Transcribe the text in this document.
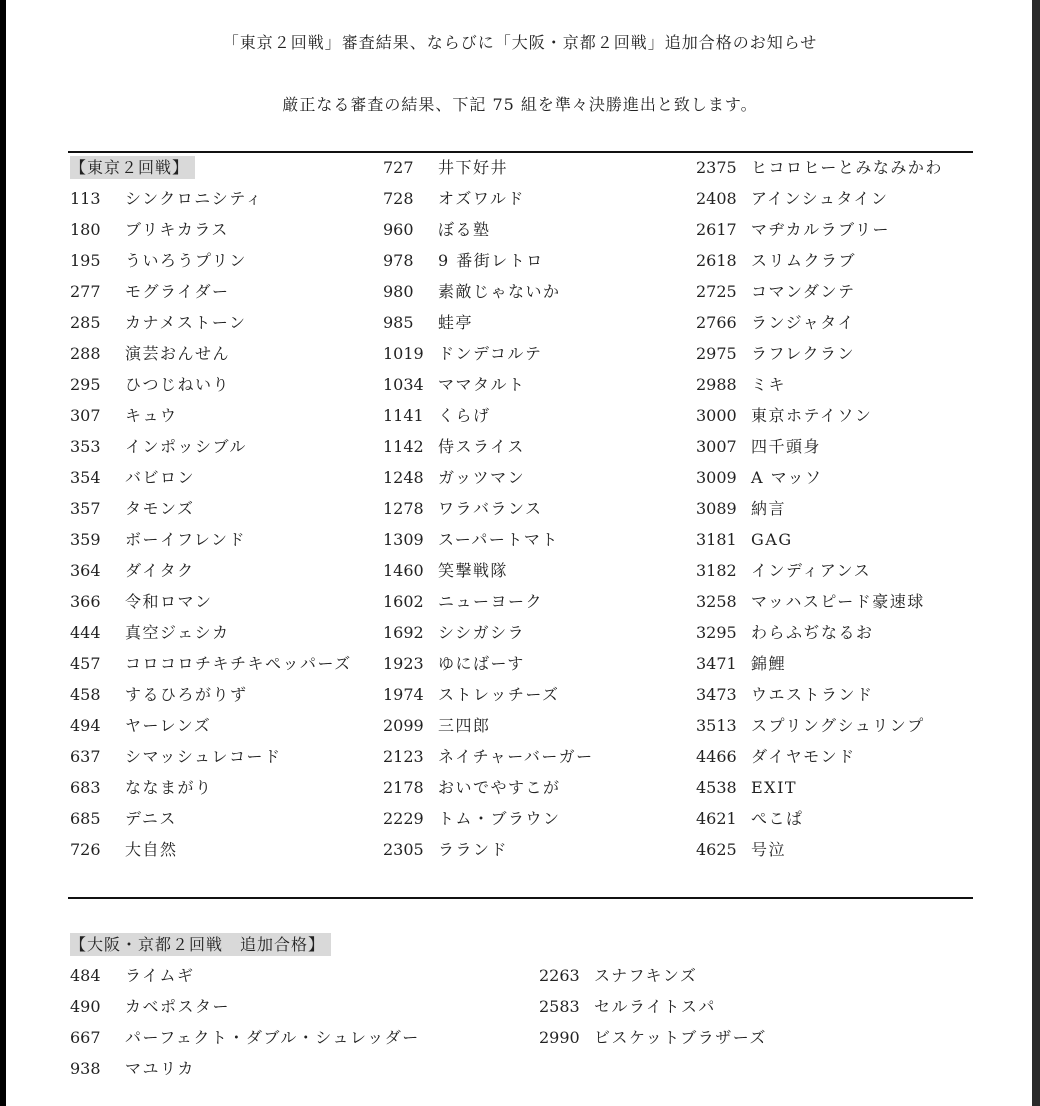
「東京２回戦」審査結果、ならびに「大阪・京都２回戦」追加合格のお知らせ
厳正なる審査の結果、下記 75 組を準々決勝進出と致します。
【東京２回戦】
113 シンクロニシティ
180 ブリキカラス
195 ういろうプリン
277 モグライダー
285 カナメストーン
288 演芸おんせん
295 ひつじねいり
307 キュウ
353 インポッシブル
354 バビロン
357 タモンズ
359 ボーイフレンド
364 ダイタク
366 令和ロマン
444 真空ジェシカ
457 コロコロチキチキペッパーズ
458 するひろがりず
494 ヤーレンズ
637 シマッシュレコード
683 ななまがり
685 デニス
726 大自然
727 井下好井
728 オズワルド
960 ぼる塾
978 9 番街レトロ
980 素敵じゃないか
985 蛙亭
1019 ドンデコルテ
1034 ママタルト
1141 くらげ
1142 侍スライス
1248 ガッツマン
1278 ワラバランス
1309 スーパートマト
1460 笑撃戦隊
1602 ニューヨーク
1692 シシガシラ
1923 ゆにばーす
1974 ストレッチーズ
2099 三四郎
2123 ネイチャーバーガー
2178 おいでやすこが
2229 トム・ブラウン
2305 ラランド
2375 ヒコロヒーとみなみかわ
2408 アインシュタイン
2617 マヂカルラブリー
2618 スリムクラブ
2725 コマンダンテ
2766 ランジャタイ
2975 ラフレクラン
2988 ミキ
3000 東京ホテイソン
3007 四千頭身
3009 A マッソ
3089 納言
3181 GAG
3182 インディアンス
3258 マッハスピード豪速球
3295 わらふぢなるお
3471 錦鯉
3473 ウエストランド
3513 スプリングシュリンプ
4466 ダイヤモンド
4538 EXIT
4621 ぺこぱ
4625 号泣
【大阪・京都２回戦　追加合格】
484 ライムギ
490 カベポスター
667 パーフェクト・ダブル・シュレッダー
938 マユリカ
2263 スナフキンズ
2583 セルライトスパ
2990 ビスケットブラザーズ
